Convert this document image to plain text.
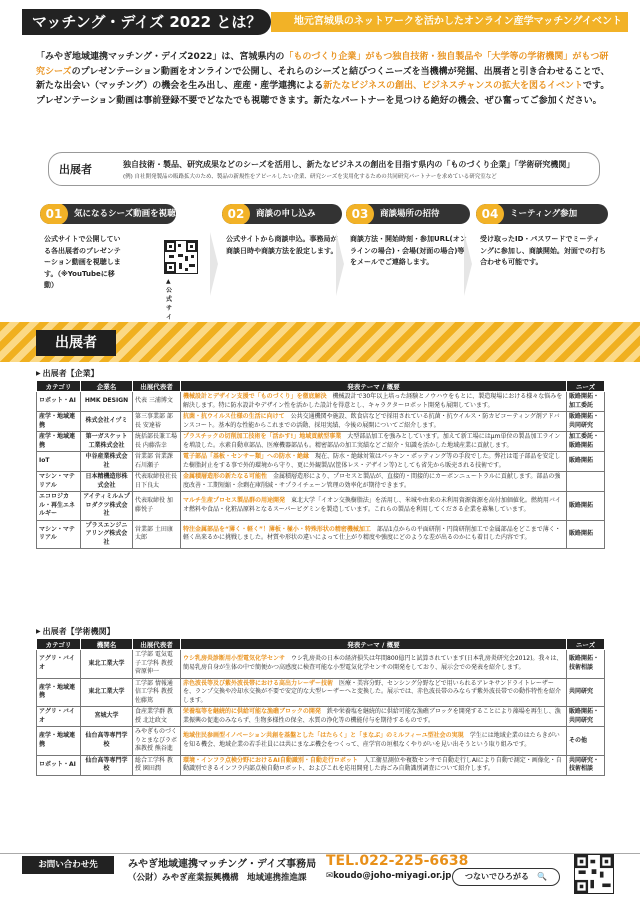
マッチング・デイズ 2022 とは？	地元宮城県のネットワークを活かしたオンライン産学マッチングイベント
「みやぎ地域連携マッチング・デイズ2022」は、宮城県内の「ものづくり企業」がもつ独自技術・独自製品や「大学等の学術機関」がもつ研究シーズのプレゼンテーション動画をオンラインで公開し、それらのシーズと結びつくニーズを当機構が発掘、出展者と引き合わせることで、新たな出会い（マッチング）の機会を生み出し、産産・産学連携による新たなビジネスの創出、ビジネスチャンスの拡大を図るイベントです。プレゼンテーション動画は事前登録不要でどなたでも視聴できます。新たなパートナーを見つける絶好の機会、ぜひ奮ってご参加ください。
出展者	独自技術・製品、研究成果などのシーズを活用し、新たなビジネスの創出を目指す県内の「ものづくり企業」「学術研究機関」
(例) 自社開発製品の販路拡大のため、製品の新規性をアピールしたい企業、研究シーズを実用化するための共同研究パートナーを求めている研究室など
01	気になるシーズ動画を視聴
公式サイトで公開している各出展者のプレゼンテーション動画を視聴します。（※YouTubeに移動）	▲公式サイ
02	商談の申し込み
公式サイトから商談申込。事務局が商談日時や商談方法を設定します。
03	商談場所の招待
商談方法・開始時刻・参加URL(オンラインの場合)・会場(対面の場合)等をメールでご連絡します。
04	ミーティング参加
受け取ったID・パスワードでミーティングに参加し、商談開始。対面での打ち合わせも可能です。
出展者
▶ 出展者【企業】
カテゴリ	企業名	出展代表者	発表テーマ / 概要	ニーズ
ロボット・AI	HMK DESIGN	代表 三浦博文	機械設計とデザイン支援で「ものづくり」を徹底解決　 機械設計で30年以上培った経験とノウハウをもとに、製造現場における様々な悩みを解決します。特に防水設計やデザイン性を活かした設計を得意とし、キャラクターロボット開発も展開しています。	販路開拓・加工委託
産学・地域連携	株式会社イヅミ	第三事業部 部長 安達裕	抗菌・抗ウイルス仕様の生活に向けて　 公共交通機関や施設、飲食店などで採用されている抗菌・抗ウイルス・防カビコーティング剤アドバンスコート。基本的な性能からこれまでの活動、採用実績、今後の展開についてご紹介します。	販路開拓・共同研究
産学・地域連携	第一ガスケット工業株式会社	統括部長兼工場長 内藤浩幸	プラスチックの切削加工技術を「活かす!」地域貢献型事業　 大型部品加工を強みとしています。加えて新工場にはμm単位の製品加工ラインを増設した。水素自動車部品、医療機器部品も。精密部品の加工実績などご紹介・知識を活かした地域産業に貢献します。	加工委託・販路開拓
IoT	中谷産業株式会社	営業部 営業課 石川瀬子	電子部品「基板・センサー類」への防水・絶縁　 現在、防水・絶縁対策はパッキン・ポッティング等の手段でした。弊社は電子部品を安定した樹脂封止をする事で外的環境から守り、更に外観製品(筐体レス・デザイン等)としても省先から販売される技術です。	販路開拓
マシン・マテリアル	日本精機造形株式会社	代表取締役社長 日下良太	金属積層造形の新たなる可能性　 金属積層造形により、プロセスと製品が、直接的・間接的にカーボンニュートラルに貢献します。部品の強度改善・工期短縮・余剰在庫削減・サプライチェーン管理の効率化が期待できます。	
エコロジカル・再生エネルギー	アイティミルムプロダクツ株式会社	代表取締役 加藤悦子	マルチ生産プロセス製品群の用途開発　 東北大学「イオン交換樹脂法」を活用し、米城や由来の未利用資源資源を高付加価値化。燃焼用バイオ燃料や食品・化粧品原料となるスーパーピグミンを製造しています。これらの製品を利用してくださる企業を募集しています。	販路開拓
マシン・マテリアル	プラスエンジニアリング株式会社	営業部 土田康太郎	特注金属部品を“薄く・軽く”！薄板・極小・特殊形状の精密機械加工　 部品1点からの平面研削・円筒研削加工で金属部品をどこまで薄く・軽く出来るかに挑戦しました。材質や形状の違いによって仕上がり精度や強度にどのような差が出るのかにも着目した内容です。	販路開拓
▶ 出展者【学術機関】
カテゴリ	機関名	出展代表者	発表テーマ / 概要	ニーズ
アグリ・バイオ	東北工業大学	工学部 電気電子工学科 教授 菅原伸一	ウシ乳房炎診断用小型電気化学センサ　 ウシ乳房炎の日本の経済損失は年間800億円と試算されています(日本乳房炎研究会2012)。我々は、簡易乳房自身が生体の中で簡便かつ高感度に検査可能な小型電気化学センサの開発をしており、展示会での発表を紹介します。	販路開拓・技術相談
産学・地域連携	東北工業大学	工学部 情報通信工学科 教授 佐藤篤	赤色波長等及び紫外波長帯における高出力レーザー技術　 医療・美容分野、センシング分野などで用いられるアレキサンドライトレーザーを、ランプ交換や冷却水交換が不要で安定的な大型レーザーへと変換した。展示では、赤色波長帯のみならず紫外波長帯での動作特性を紹介します。	共同研究
アグリ・バイオ	宮城大学	食産業学群 教授 北辻政文	栄養塩等を継続的に供給可能な漁礁ブロックの開発　 鉄や栄養塩を継続的に供給可能な漁礁ブロックを開発することにより藻場を再生し、漁業振興の促進のみならず、生物多様性の保全、水質の浄化等の機能付与を期待するものです。	販路開拓・共同研究
産学・地域連携	仙台高等専門学校	みやぎものづくりとまなびラボ 准教授 熊谷進	地域住民参画型イノベーション共創を基盤とした「はたらく」と「まなぶ」のミルフィーユ型社会の実現　 学生には地域企業のはたらきがいを知る機会、地域企業の若手社員には共にまなぶ機会をつくって、産学官の垣根なくやりがいを見い出そうという取り組みです。	その他
ロボット・AI	仙台高等専門学校	総合工学科 教授 園田潤	環境・インフラ点検分野におけるAI自動識別・自動走行ロボット　 人工衛星測位や複数センサで自動走行しAIにより自動で測定・画像化・自動識別できるインフラ内部点検自動ロボット、およびこれを応用開発した海ごみ自動識別調査について紹介します。	共同研究・技術相談
お問い合わせ先	みやぎ地域連携マッチング・デイズ事務局
（公財）みやぎ産業振興機構　地域連携推進課
TEL.022-225-6638
✉koudo@joho-miyagi.or.jp	つないでひろがる　🔍
